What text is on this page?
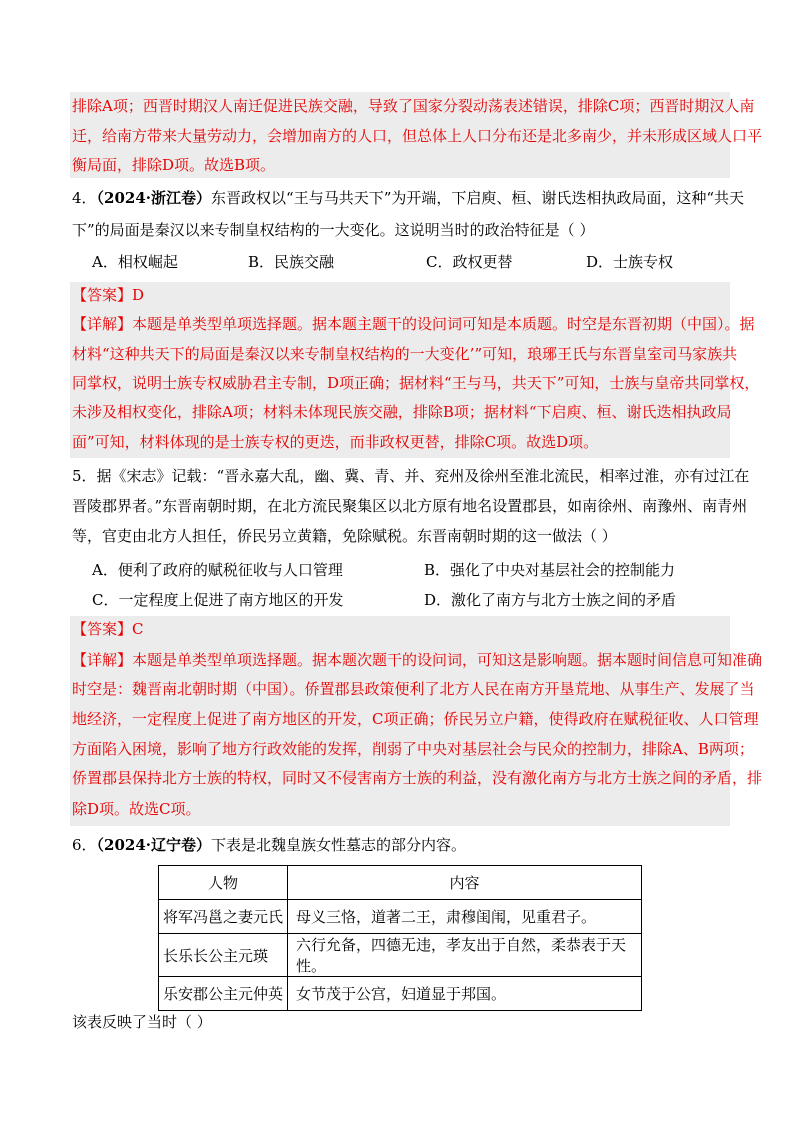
排除A项；西晋时期汉人南迁促进民族交融，导致了国家分裂动荡表述错误，排除C项；西晋时期汉人南
迁，给南方带来大量劳动力，会增加南方的人口，但总体上人口分布还是北多南少，并未形成区域人口平
衡局面，排除D项。故选B项。
4．（2024·浙江卷）东晋政权以“王与马共天下”为开端，下启庾、桓、谢氏迭相执政局面，这种“共天
下”的局面是秦汉以来专制皇权结构的一大变化。这说明当时的政治特征是（ ）
A．相权崛起	B．民族交融	C．政权更替	D．士族专权
【答案】D
【详解】本题是单类型单项选择题。据本题主题干的设问词可知是本质题。时空是东晋初期（中国）。据
材料“这种共天下的局面是秦汉以来专制皇权结构的一大变化’”可知，琅琊王氏与东晋皇室司马家族共
同掌权，说明士族专权威胁君主专制，D项正确；据材料“王与马，共天下”可知，士族与皇帝共同掌权，
未涉及相权变化，排除A项；材料未体现民族交融，排除B项；据材料“下启庾、桓、谢氏迭相执政局
面”可知，材料体现的是士族专权的更迭，而非政权更替，排除C项。故选D项。
5．据《宋志》记载：“晋永嘉大乱，幽、冀、青、并、兖州及徐州至淮北流民，相率过淮，亦有过江在
晋陵郡界者。”东晋南朝时期，在北方流民聚集区以北方原有地名设置郡县，如南徐州、南豫州、南青州
等，官吏由北方人担任，侨民另立黄籍，免除赋税。东晋南朝时期的这一做法（ ）
A．便利了政府的赋税征收与人口管理	B．强化了中央对基层社会的控制能力
C．一定程度上促进了南方地区的开发	D．激化了南方与北方士族之间的矛盾
【答案】C
【详解】本题是单类型单项选择题。据本题次题干的设问词，可知这是影响题。据本题时间信息可知准确
时空是：魏晋南北朝时期（中国）。侨置郡县政策便利了北方人民在南方开垦荒地、从事生产、发展了当
地经济，一定程度上促进了南方地区的开发，C项正确；侨民另立户籍，使得政府在赋税征收、人口管理
方面陷入困境，影响了地方行政效能的发挥，削弱了中央对基层社会与民众的控制力，排除A、B两项；
侨置郡县保持北方士族的特权，同时又不侵害南方士族的利益，没有激化南方与北方士族之间的矛盾，排
除D项。故选C项。
6．（2024·辽宁卷）下表是北魏皇族女性墓志的部分内容。
人物	内容
将军冯邕之妻元氏	母义三恪，道著二王，肃穆闺闱，见重君子。
长乐长公主元瑛	六行允备，四德无违，孝友出于自然，柔恭表于天性。
乐安郡公主元仲英	女节茂于公宫，妇道显于邦国。
该表反映了当时（ ）
